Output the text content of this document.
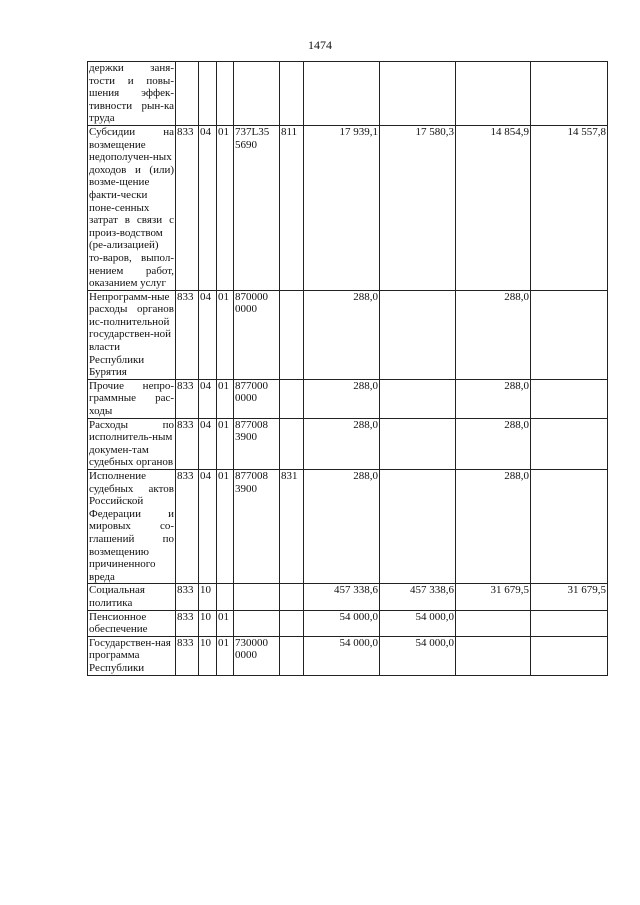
1474
держки заня-тости и повы-шения эффек-тивности рын-ка труда									
Субсидии на возмещение недополучен-ных доходов и (или) возме-щение факти-чески поне-сенных затрат в связи с произ-водством (ре-ализацией) то-варов, выпол-нением работ, оказанием услуг	833	04	01	737L35 5690	811	17 939,1	17 580,3	14 854,9	14 557,8
Непрограмм-ные расходы органов ис-полнительной государствен-ной власти Республики Бурятия	833	04	01	870000 0000		288,0		288,0	
Прочие непро-граммные рас-ходы	833	04	01	877000 0000		288,0		288,0	
Расходы по исполнитель-ным докумен-там судебных органов	833	04	01	877008 3900		288,0		288,0	
Исполнение судебных актов Российской Федерации и мировых со-глашений по возмещению причиненного вреда	833	04	01	877008 3900	831	288,0		288,0	
Социальная политика	833	10				457 338,6	457 338,6	31 679,5	31 679,5
Пенсионное обеспечение	833	10	01			54 000,0	54 000,0		
Государствен-ная программа Республики	833	10	01	730000 0000		54 000,0	54 000,0		
